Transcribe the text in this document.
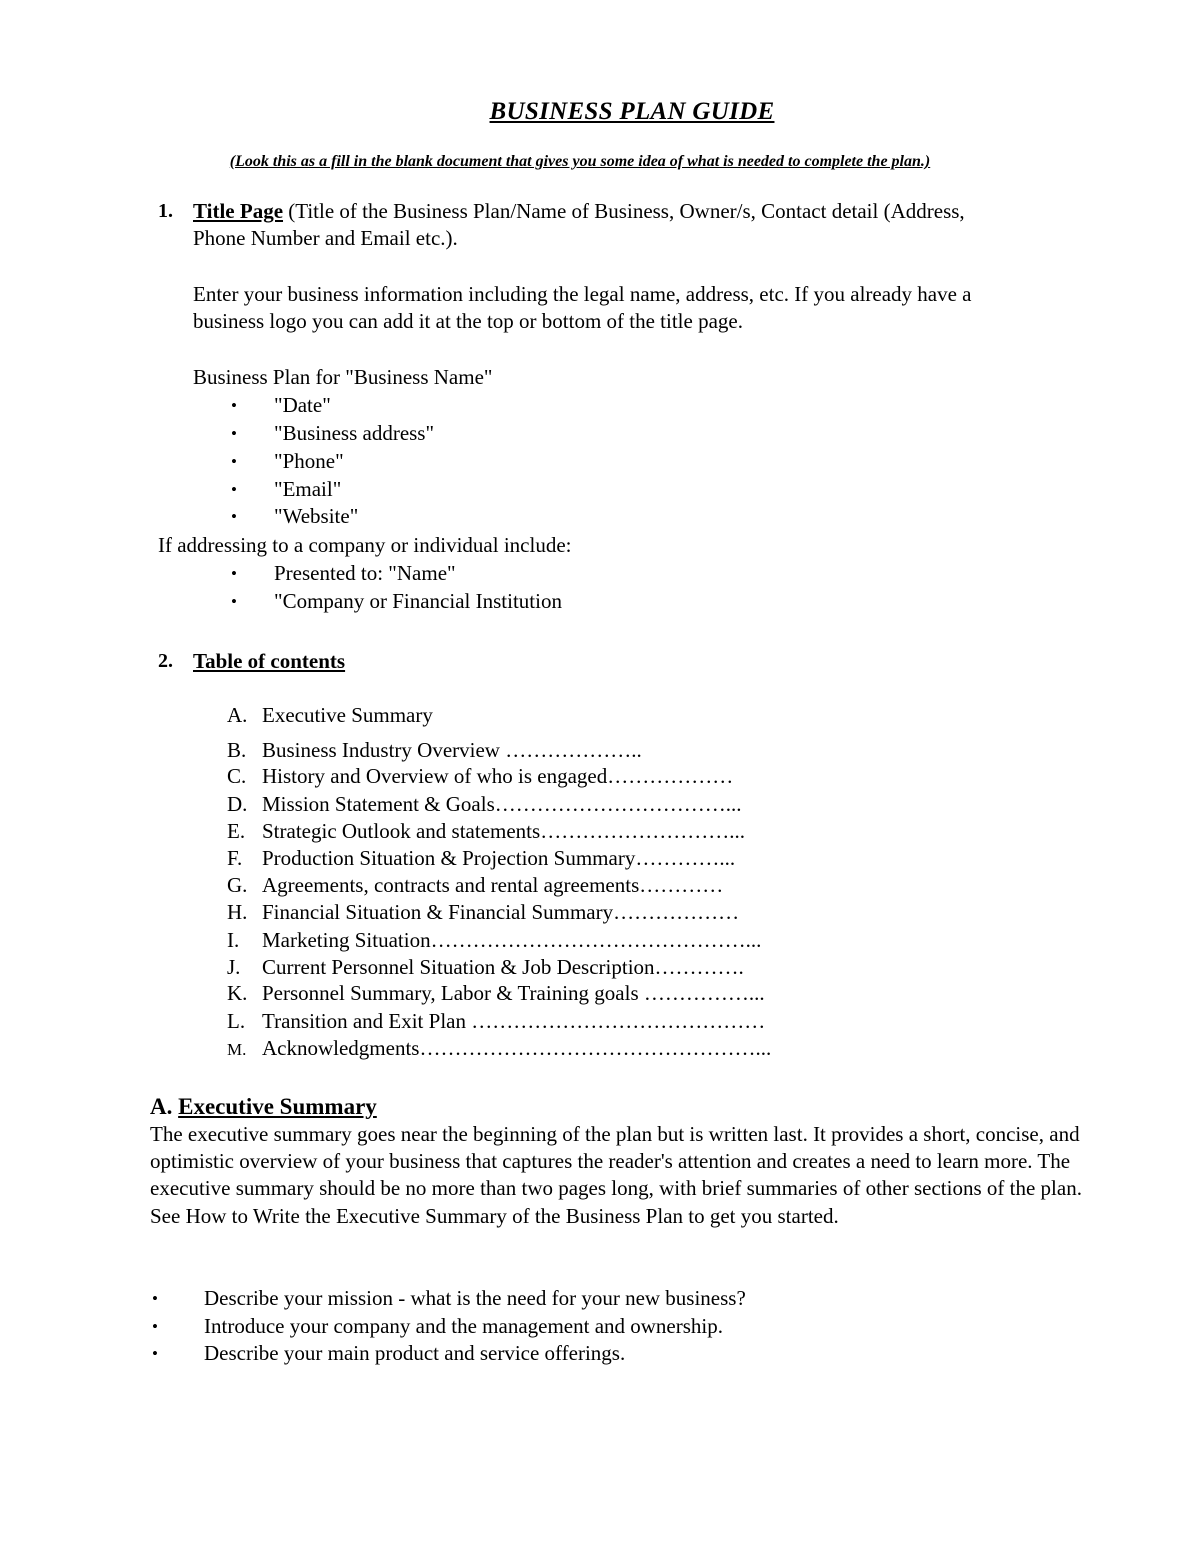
BUSINESS PLAN GUIDE
(Look this as a fill in the blank document that gives you some idea of what is needed to complete the plan.)
1. Title Page (Title of the Business Plan/Name of Business, Owner/s, Contact detail (Address,
Phone Number and Email etc.).
Enter your business information including the legal name, address, etc. If you already have a
business logo you can add it at the top or bottom of the title page.
Business Plan for "Business Name"
• "Date"
• "Business address"
• "Phone"
• "Email"
• "Website"
If addressing to a company or individual include:
• Presented to: "Name"
• "Company or Financial Institution
2. Table of contents
A. Executive Summary
B. Business Industry Overview ………………..
C. History and Overview of who is engaged………………
D. Mission Statement & Goals……………………………...
E. Strategic Outlook and statements………………………...
F. Production Situation & Projection Summary…………...
G. Agreements, contracts and rental agreements…………
H. Financial Situation & Financial Summary………………
I. Marketing Situation………………………………………...
J. Current Personnel Situation & Job Description………….
K. Personnel Summary, Labor & Training goals ……………...
L. Transition and Exit Plan ……………………………………
M. Acknowledgments…………………………………………...
A. Executive Summary
The executive summary goes near the beginning of the plan but is written last. It provides a short, concise, and optimistic overview of your business that captures the reader's attention and creates a need to learn more. The executive summary should be no more than two pages long, with brief summaries of other sections of the plan. See How to Write the Executive Summary of the Business Plan to get you started.
• Describe your mission - what is the need for your new business?
• Introduce your company and the management and ownership.
• Describe your main product and service offerings.
